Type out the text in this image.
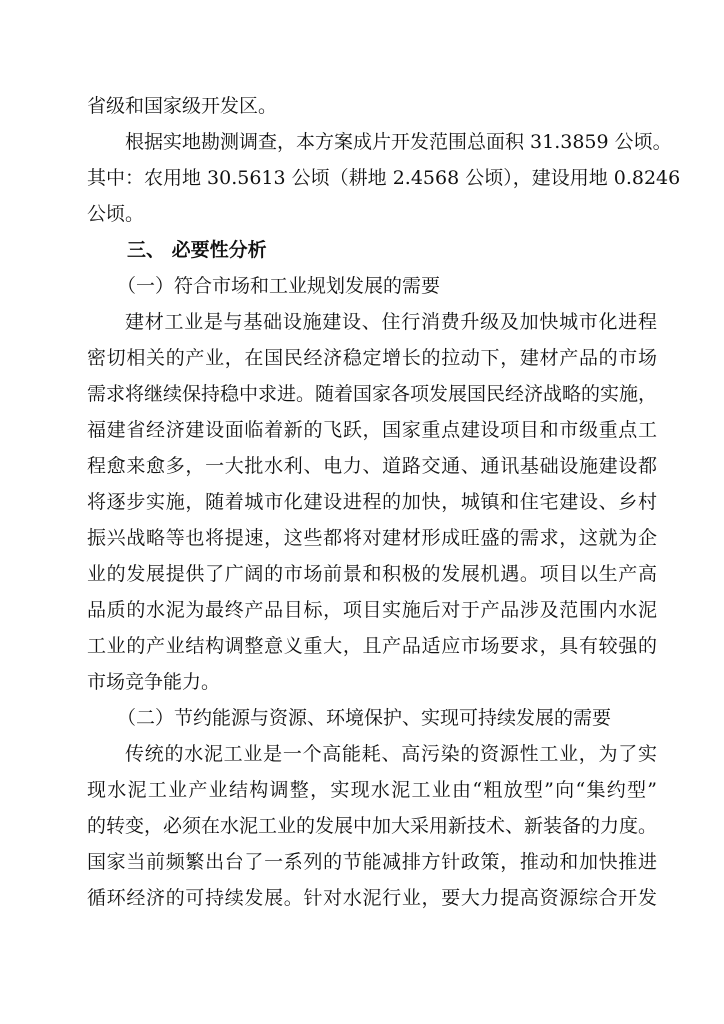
省级和国家级开发区。
根据实地勘测调查，本方案成片开发范围总面积 31.3859 公顷。
其中：农用地 30.5613 公顷（耕地 2.4568 公顷），建设用地 0.8246
公顷。
三、 必要性分析
（一）符合市场和工业规划发展的需要
建材工业是与基础设施建设、住行消费升级及加快城市化进程
密切相关的产业，在国民经济稳定增长的拉动下，建材产品的市场
需求将继续保持稳中求进。随着国家各项发展国民经济战略的实施，
福建省经济建设面临着新的飞跃，国家重点建设项目和市级重点工
程愈来愈多，一大批水利、电力、道路交通、通讯基础设施建设都
将逐步实施，随着城市化建设进程的加快，城镇和住宅建设、乡村
振兴战略等也将提速，这些都将对建材形成旺盛的需求，这就为企
业的发展提供了广阔的市场前景和积极的发展机遇。项目以生产高
品质的水泥为最终产品目标，项目实施后对于产品涉及范围内水泥
工业的产业结构调整意义重大，且产品适应市场要求，具有较强的
市场竞争能力。
（二）节约能源与资源、环境保护、实现可持续发展的需要
传统的水泥工业是一个高能耗、高污染的资源性工业，为了实
现水泥工业产业结构调整，实现水泥工业由“粗放型”向“集约型”
的转变，必须在水泥工业的发展中加大采用新技术、新装备的力度。
国家当前频繁出台了一系列的节能减排方针政策，推动和加快推进
循环经济的可持续发展。针对水泥行业，要大力提高资源综合开发
